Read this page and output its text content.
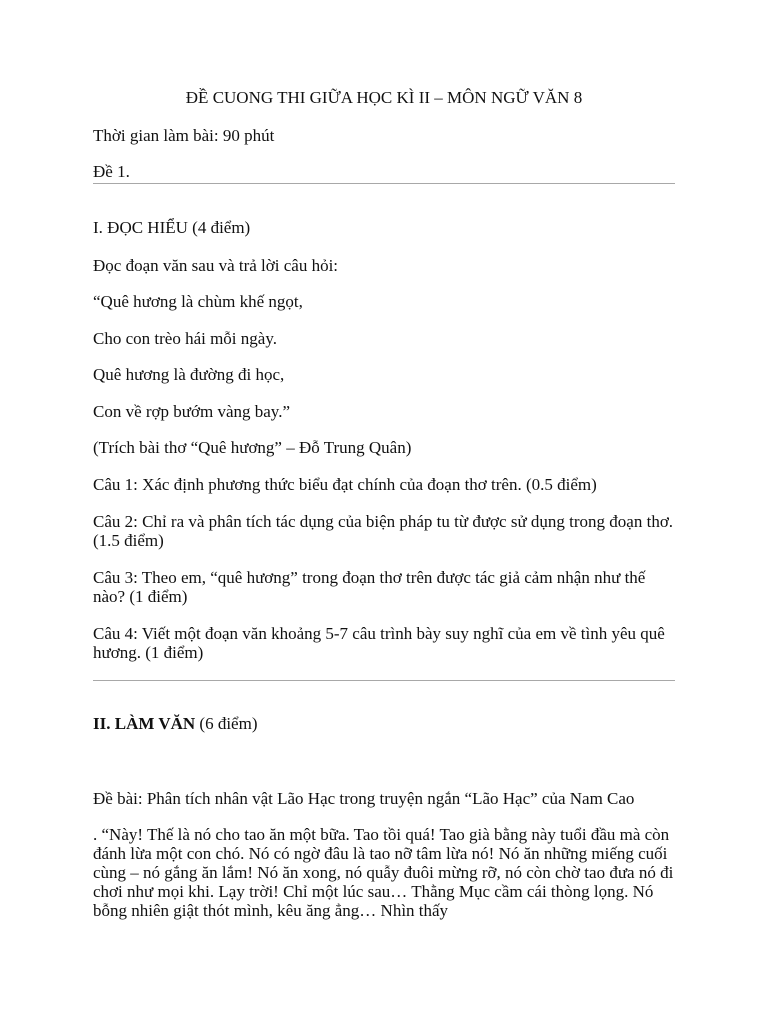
ĐỀ CUONG THI GIỮA HỌC KÌ II – MÔN NGỮ VĂN 8
Thời gian làm bài: 90 phút
Đề 1.
I. ĐỌC HIỂU (4 điểm)
Đọc đoạn văn sau và trả lời câu hỏi:
“Quê hương là chùm khế ngọt,
Cho con trèo hái mỗi ngày.
Quê hương là đường đi học,
Con về rợp bướm vàng bay.”
(Trích bài thơ “Quê hương” – Đỗ Trung Quân)
Câu 1: Xác định phương thức biểu đạt chính của đoạn thơ trên. (0.5 điểm)
Câu 2: Chỉ ra và phân tích tác dụng của biện pháp tu từ được sử dụng trong đoạn thơ. (1.5 điểm)
Câu 3: Theo em, “quê hương” trong đoạn thơ trên được tác giả cảm nhận như thế nào? (1 điểm)
Câu 4: Viết một đoạn văn khoảng 5-7 câu trình bày suy nghĩ của em về tình yêu quê hương. (1 điểm)
II. LÀM VĂN (6 điểm)
Đề bài: Phân tích nhân vật Lão Hạc trong truyện ngắn “Lão Hạc” của Nam Cao
. “Này! Thế là nó cho tao ăn một bữa. Tao tồi quá! Tao già bằng này tuổi đầu mà còn đánh lừa một con chó. Nó có ngờ đâu là tao nỡ tâm lừa nó! Nó ăn những miếng cuối cùng – nó gắng ăn lắm! Nó ăn xong, nó quẫy đuôi mừng rỡ, nó còn chờ tao đưa nó đi chơi như mọi khi. Lạy trời! Chỉ một lúc sau… Thằng Mục cầm cái thòng lọng. Nó bỗng nhiên giật thót mình, kêu ăng ẳng… Nhìn thấy
